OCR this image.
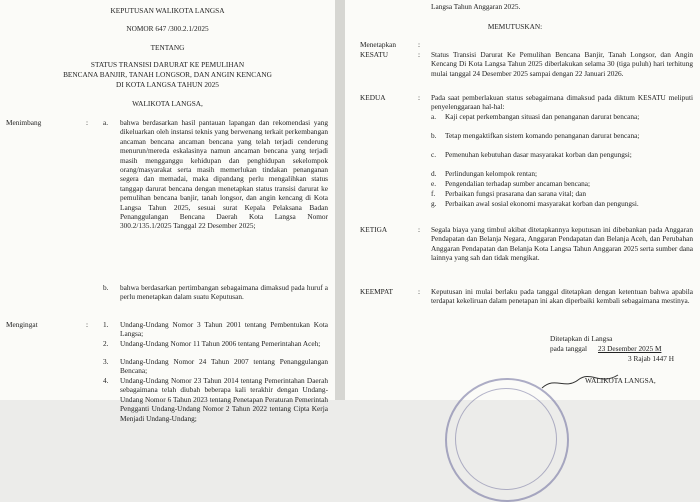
KEPUTUSAN WALIKOTA LANGSA
NOMOR 647 /300.2.1/2025
TENTANG
STATUS TRANSISI DARURAT KE PEMULIHAN
BENCANA BANJIR, TANAH LONGSOR, DAN ANGIN KENCANG
DI KOTA LANGSA TAHUN 2025
WALIKOTA LANGSA,
Menimbang	: a. bahwa berdasarkan hasil pantauan lapangan dan rekomendasi yang dikeluarkan oleh instansi teknis yang berwenang terkait perkembangan ancaman bencana ancaman bencana yang telah terjadi cenderung menurun/mereda eskalasinya namun ancaman bencana yang terjadi masih mengganggu kehidupan dan penghidupan sekelompok orang/masyarakat serta masih memerlukan tindakan penanganan segera dan memadai, maka dipandang perlu mengalihkan status tanggap darurat bencana dengan menetapkan status transisi darurat ke pemulihan bencana banjir, tanah longsor, dan angin kencang di Kota Langsa Tahun 2025, sesuai surat Kepala Pelaksana Badan Penanggulangan Bencana Daerah Kota Langsa Nomor 300.2/135.1/2025 Tanggal 22 Desember 2025;
b. bahwa berdasarkan pertimbangan sebagaimana dimaksud pada huruf a perlu menetapkan dalam suatu Keputusan.
Mengingat	: 1. Undang-Undang Nomor 3 Tahun 2001 tentang Pembentukan Kota Langsa;
2. Undang-Undang Nomor 11 Tahun 2006 tentang Pemerintahan Aceh;
3. Undang-Undang Nomor 24 Tahun 2007 tentang Penanggulangan Bencana;
4. Undang-Undang Nomor 23 Tahun 2014 tentang Pemerintahan Daerah sebagaimana telah diubah beberapa kali terakhir dengan Undang-Undang Nomor 6 Tahun 2023 tentang Penetapan Peraturan Pemerintah Pengganti Undang-Undang Nomor 2 Tahun 2022 tentang Cipta Kerja Menjadi Undang-Undang;
Langsa Tahun Anggaran 2025.
MEMUTUSKAN:
Menetapkan	:
KESATU	: Status Transisi Darurat Ke Pemulihan Bencana Banjir, Tanah Longsor, dan Angin Kencang Di Kota Langsa Tahun 2025 diberlakukan selama 30 (tiga puluh) hari terhitung mulai tanggal 24 Desember 2025 sampai dengan 22 Januari 2026.
KEDUA	: Pada saat pemberlakuan status sebagaimana dimaksud pada diktum KESATU meliputi penyelenggaraan hal-hal:
a. Kaji cepat perkembangan situasi dan penanganan darurat bencana;
b. Tetap mengaktifkan sistem komando penanganan darurat bencana;
c. Pemenuhan kebutuhan dasar masyarakat korban dan pengungsi;
d. Perlindungan kelompok rentan;
e. Pengendalian terhadap sumber ancaman bencana;
f. Perbaikan fungsi prasarana dan sarana vital; dan
g. Perbaikan awal sosial ekonomi masyarakat korban dan pengungsi.
KETIGA	: Segala biaya yang timbul akibat ditetapkannya keputusan ini dibebankan pada Anggaran Pendapatan dan Belanja Negara, Anggaran Pendapatan dan Belanja Aceh, dan Perubahan Anggaran Pendapatan dan Belanja Kota Langsa Tahun Anggaran 2025 serta sumber dana lainnya yang sah dan tidak mengikat.
KEEMPAT	: Keputusan ini mulai berlaku pada tanggal ditetapkan dengan ketentuan bahwa apabila terdapat kekeliruan dalam penetapan ini akan diperbaiki kembali sebagaimana mestinya.
Ditetapkan di Langsa
pada tanggal 23 Desember 2025 M
3 Rajab 1447 H
WALIKOTA LANGSA,
